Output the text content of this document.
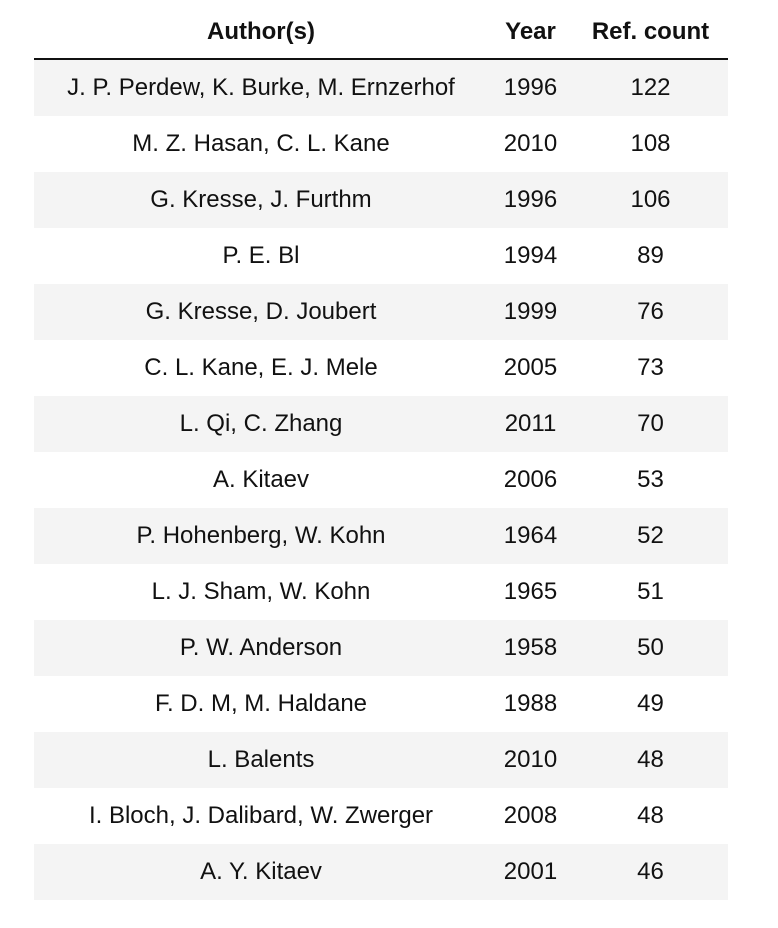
Author(s)	Year	Ref. count
J. P. Perdew, K. Burke, M. Ernzerhof	1996	122
M. Z. Hasan, C. L. Kane	2010	108
G. Kresse, J. Furthm	1996	106
P. E. Bl	1994	89
G. Kresse, D. Joubert	1999	76
C. L. Kane, E. J. Mele	2005	73
L. Qi, C. Zhang	2011	70
A. Kitaev	2006	53
P. Hohenberg, W. Kohn	1964	52
L. J. Sham, W. Kohn	1965	51
P. W. Anderson	1958	50
F. D. M, M. Haldane	1988	49
L. Balents	2010	48
I. Bloch, J. Dalibard, W. Zwerger	2008	48
A. Y. Kitaev	2001	46
